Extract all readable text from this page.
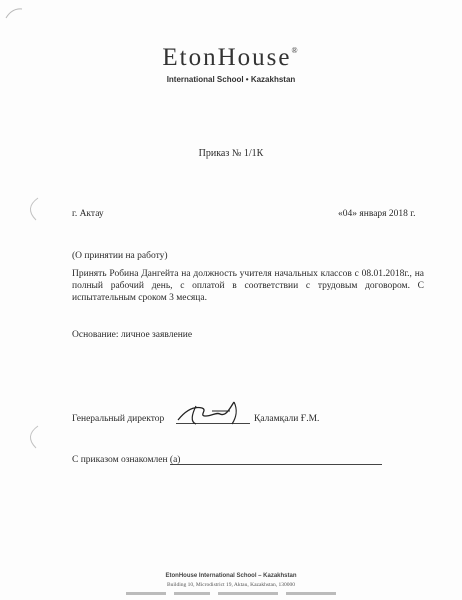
EtonHouse®
International School • Kazakhstan
Приказ № 1/1К
г. Актау	«04» января 2018 г.
(О принятии на работу)
Принять Робина Дангейта на должность учителя начальных классов с 08.01.2018г., на полный рабочий день, с оплатой в соответствии с трудовым договором. С испытательным сроком 3 месяца.
Основание: личное заявление
Генеральный директор	Қаламқали Ғ.М.
С приказом ознакомлен (а)
EtonHouse International School – Kazakhstan
Building 10, Microdistrict 19, Aktau, Kazakhstan, 130000
